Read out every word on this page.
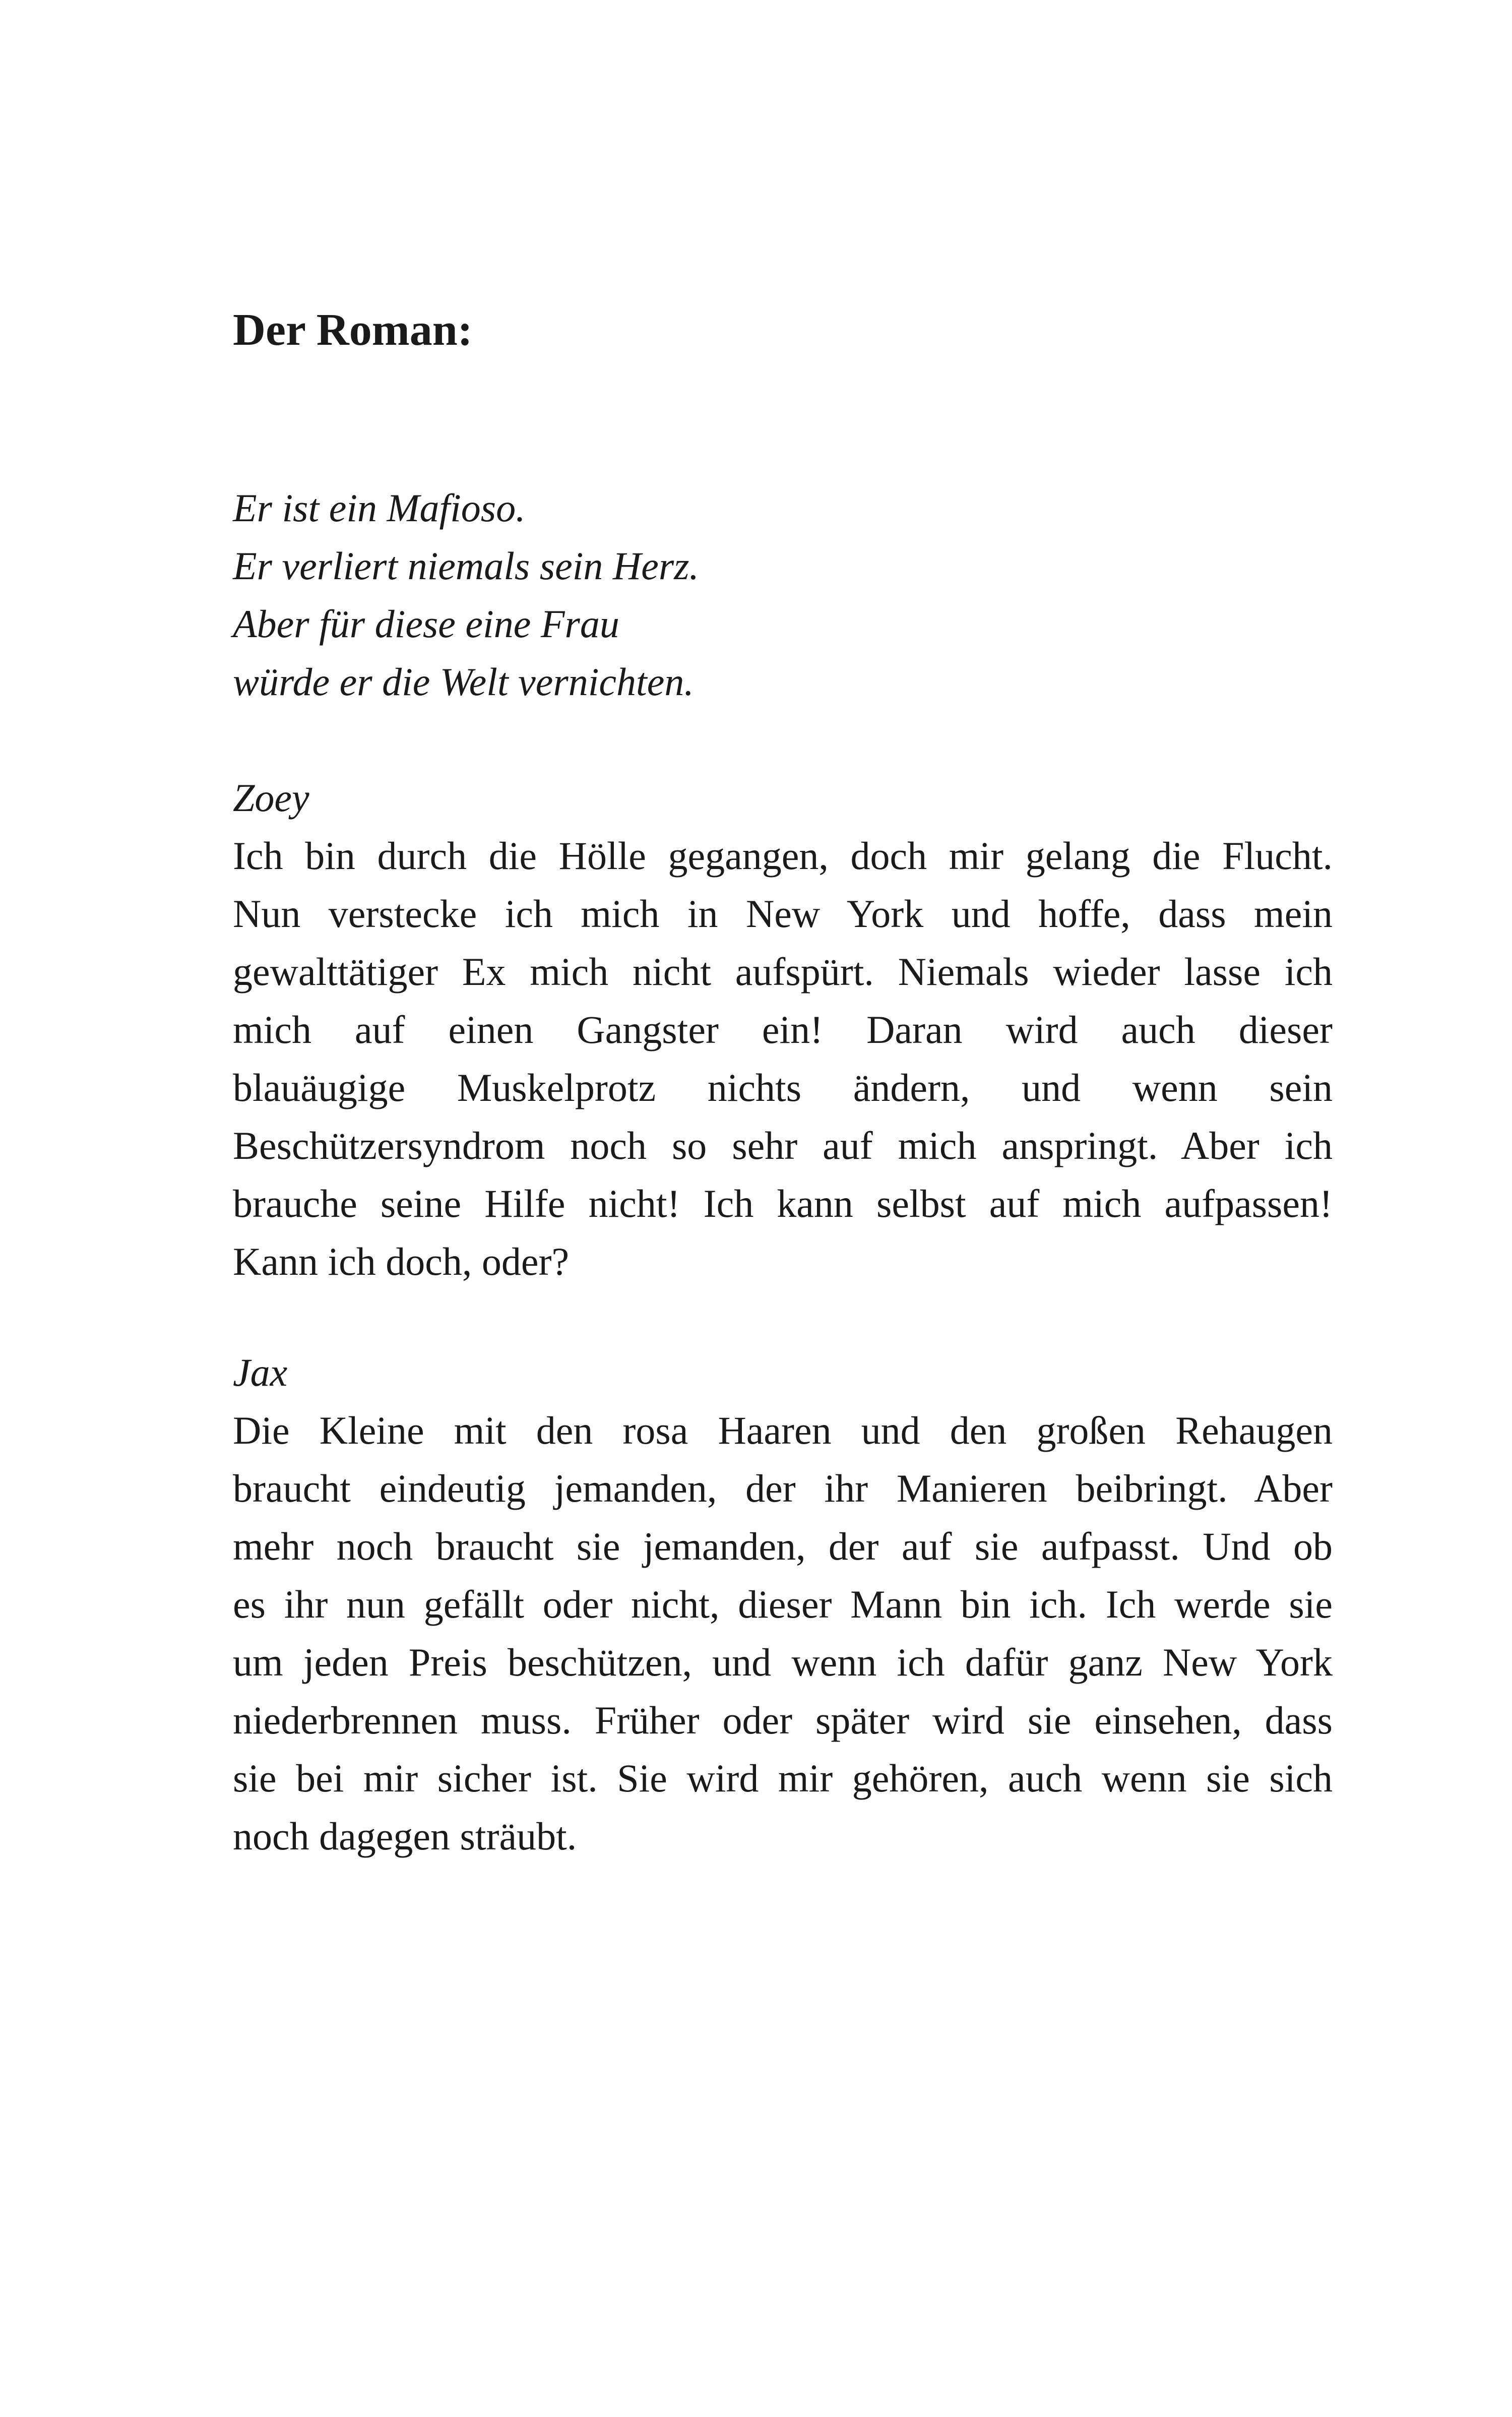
Der Roman:
Er ist ein Mafioso.
Er verliert niemals sein Herz.
Aber für diese eine Frau
würde er die Welt vernichten.
Zoey
Ich bin durch die Hölle gegangen, doch mir gelang die Flucht.
Nun verstecke ich mich in New York und hoffe, dass mein
gewalttätiger Ex mich nicht aufspürt. Niemals wieder lasse ich
mich auf einen Gangster ein! Daran wird auch dieser
blauäugige Muskelprotz nichts ändern, und wenn sein
Beschützersyndrom noch so sehr auf mich anspringt. Aber ich
brauche seine Hilfe nicht! Ich kann selbst auf mich aufpassen!
Kann ich doch, oder?
Jax
Die Kleine mit den rosa Haaren und den großen Rehaugen
braucht eindeutig jemanden, der ihr Manieren beibringt. Aber
mehr noch braucht sie jemanden, der auf sie aufpasst. Und ob
es ihr nun gefällt oder nicht, dieser Mann bin ich. Ich werde sie
um jeden Preis beschützen, und wenn ich dafür ganz New York
niederbrennen muss. Früher oder später wird sie einsehen, dass
sie bei mir sicher ist. Sie wird mir gehören, auch wenn sie sich
noch dagegen sträubt.
